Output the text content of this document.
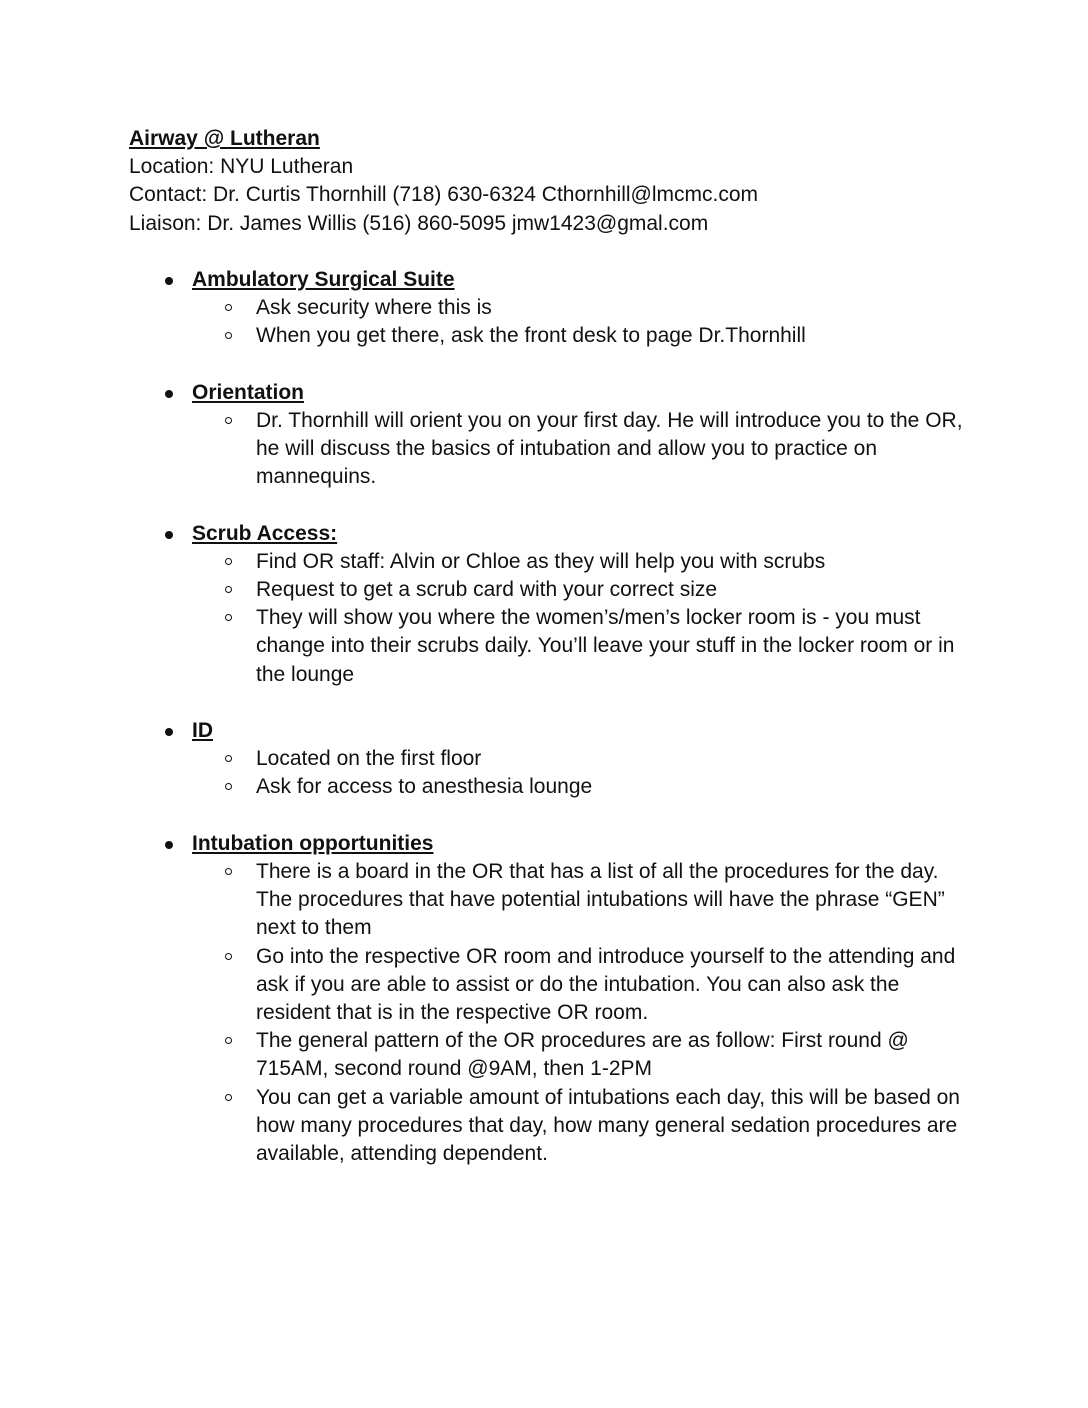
Airway @ Lutheran
Location: NYU Lutheran
Contact: Dr. Curtis Thornhill (718) 630-6324 Cthornhill@lmcmc.com
Liaison: Dr. James Willis (516) 860-5095 jmw1423@gmal.com
Ambulatory Surgical Suite
Ask security where this is
When you get there, ask the front desk to page Dr.Thornhill
Orientation
Dr. Thornhill will orient you on your first day. He will introduce you to the OR, he will discuss the basics of intubation and allow you to practice on mannequins.
Scrub Access:
Find OR staff: Alvin or Chloe as they will help you with scrubs
Request to get a scrub card with your correct size
They will show you where the women’s/men’s locker room is - you must change into their scrubs daily. You’ll leave your stuff in the locker room or in the lounge
ID
Located on the first floor
Ask for access to anesthesia lounge
Intubation opportunities
There is a board in the OR that has a list of all the procedures for the day. The procedures that have potential intubations will have the phrase “GEN” next to them
Go into the respective OR room and introduce yourself to the attending and ask if you are able to assist or do the intubation. You can also ask the resident that is in the respective OR room.
The general pattern of the OR procedures are as follow: First round @ 715AM, second round @9AM, then 1-2PM
You can get a variable amount of intubations each day, this will be based on how many procedures that day, how many general sedation procedures are available, attending dependent.
